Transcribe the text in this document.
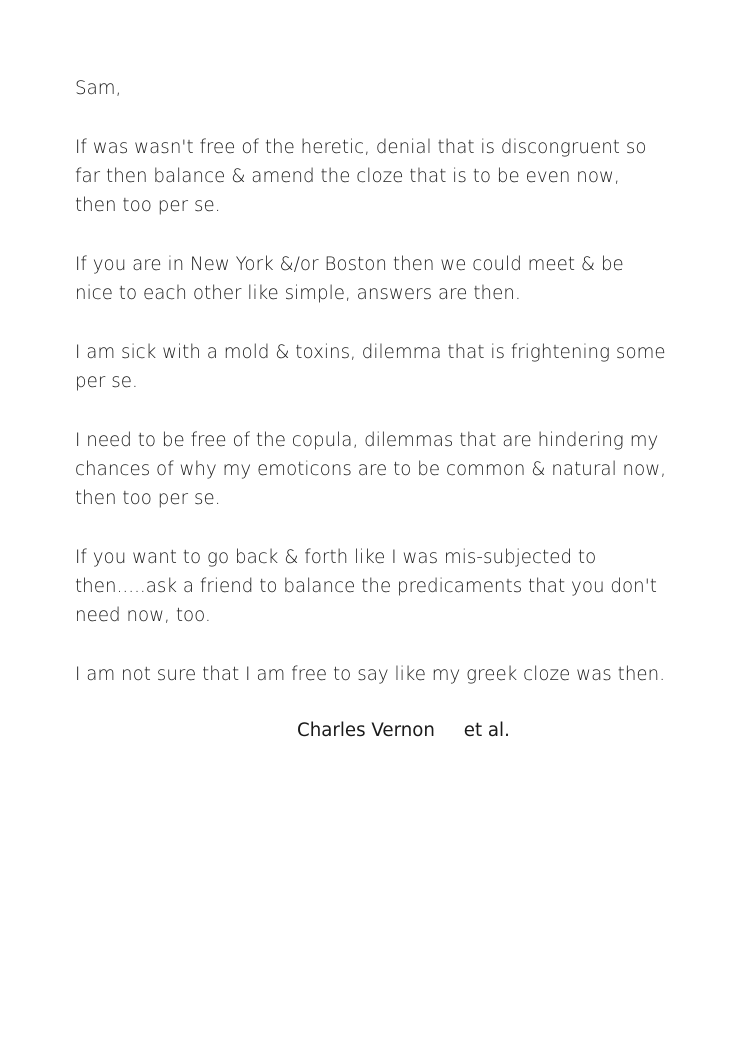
Sam,

If was wasn't free of the heretic, denial that is discongruent so
far then balance & amend the cloze that is to be even now,
then too per se.

If you are in New York &/or Boston then we could meet & be
nice to each other like simple, answers are then.

I am sick with a mold & toxins, dilemma that is frightening some
per se.

I need to be free of the copula, dilemmas that are hindering my
chances of why my emoticons are to be common & natural now,
then too per se.

If you want to go back & forth like I was mis-subjected to
then.....ask a friend to balance the predicaments that you don't
need now, too.

I am not sure that I am free to say like my greek cloze was then.

Charles Vernon     et al.
